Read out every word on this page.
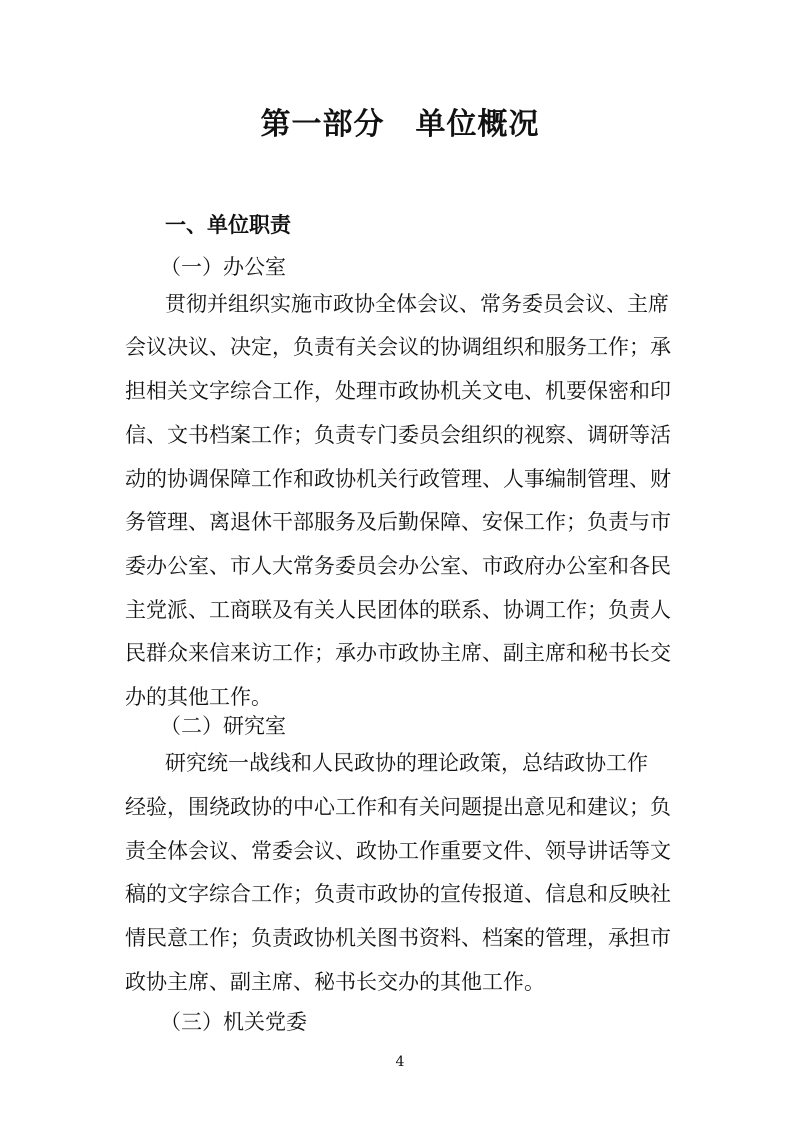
第一部分　单位概况
一、单位职责
（一）办公室

贯彻并组织实施市政协全体会议、常务委员会议、主席

会议决议、决定，负责有关会议的协调组织和服务工作；承

担相关文字综合工作，处理市政协机关文电、机要保密和印

信、文书档案工作；负责专门委员会组织的视察、调研等活

动的协调保障工作和政协机关行政管理、人事编制管理、财

务管理、离退休干部服务及后勤保障、安保工作；负责与市

委办公室、市人大常务委员会办公室、市政府办公室和各民

主党派、工商联及有关人民团体的联系、协调工作；负责人

民群众来信来访工作；承办市政协主席、副主席和秘书长交

办的其他工作。

（二）研究室

研究统一战线和人民政协的理论政策，总结政协工作

经验，围绕政协的中心工作和有关问题提出意见和建议；负

责全体会议、常委会议、政协工作重要文件、领导讲话等文

稿的文字综合工作；负责市政协的宣传报道、信息和反映社

情民意工作；负责政协机关图书资料、档案的管理，承担市

政协主席、副主席、秘书长交办的其他工作。

（三）机关党委
4
